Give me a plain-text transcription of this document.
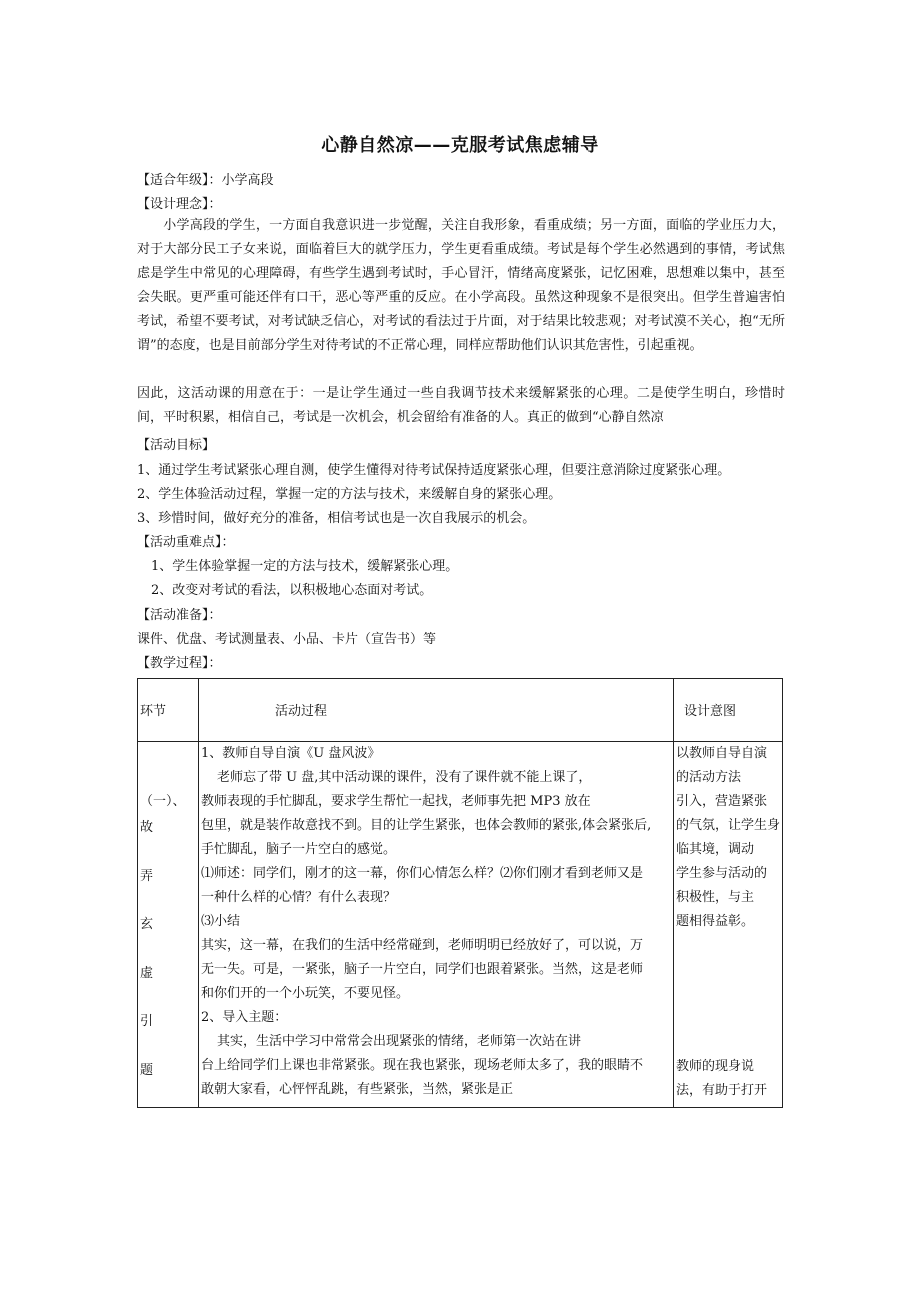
心静自然凉——克服考试焦虑辅导
【适合年级】：小学高段
【设计理念】：

小学高段的学生，一方面自我意识进一步觉醒，关注自我形象，看重成绩；另一方面，面临的学业压力大，对于大部分民工子女来说，面临着巨大的就学压力，学生更看重成绩。考试是每个学生必然遇到的事情，考试焦虑是学生中常见的心理障碍，有些学生遇到考试时，手心冒汗，情绪高度紧张，记忆困难，思想难以集中，甚至会失眠。更严重可能还伴有口干，恶心等严重的反应。在小学高段。虽然这种现象不是很突出。但学生普遍害怕考试，希望不要考试，对考试缺乏信心，对考试的看法过于片面，对于结果比较悲观；对考试漠不关心，抱“无所谓”的态度，也是目前部分学生对待考试的不正常心理，同样应帮助他们认识其危害性，引起重视。

因此，这活动课的用意在于：一是让学生通过一些自我调节技术来缓解紧张的心理。二是使学生明白，珍惜时间，平时积累，相信自己，考试是一次机会，机会留给有准备的人。真正的做到“心静自然凉

【活动目标】
1、通过学生考试紧张心理自测，使学生懂得对待考试保持适度紧张心理，但要注意消除过度紧张心理。
2、学生体验活动过程，掌握一定的方法与技术，来缓解自身的紧张心理。
3、珍惜时间，做好充分的准备，相信考试也是一次自我展示的机会。
【活动重难点】：
1、学生体验掌握一定的方法与技术，缓解紧张心理。
2、改变对考试的看法，以积极地心态面对考试。
【活动准备】：
课件、优盘、考试测量表、小品、卡片（宣告书）等
【教学过程】：
环节	活动过程	设计意图
（一）、
故
弄
玄
虚
引
题
1、教师自导自演《U 盘风波》
老师忘了带 U 盘,其中活动课的课件，没有了课件就不能上课了，
教师表现的手忙脚乱，要求学生帮忙一起找，老师事先把 MP3 放在
包里，就是装作故意找不到。目的让学生紧张，也体会教师的紧张,体会紧张后,
手忙脚乱，脑子一片空白的感觉。
⑴师述：同学们，刚才的这一幕，你们心情怎么样？⑵你们刚才看到老师又是
一种什么样的心情？有什么表现？
⑶小结
其实，这一幕，在我们的生活中经常碰到，老师明明已经放好了，可以说，万
无一失。可是，一紧张，脑子一片空白，同学们也跟着紧张。当然，这是老师
和你们开的一个小玩笑，不要见怪。
2、导入主题：
其实，生活中学习中常常会出现紧张的情绪，老师第一次站在讲
台上给同学们上课也非常紧张。现在我也紧张，现场老师太多了，我的眼睛不
敢朝大家看，心怦怦乱跳，有些紧张，当然，紧张是正
以教师自导自演
的活动方法
引入，营造紧张
的气氛，让学生身
临其境，调动
学生参与活动的
积极性，与主
题相得益彰。
教师的现身说
法，有助于打开
